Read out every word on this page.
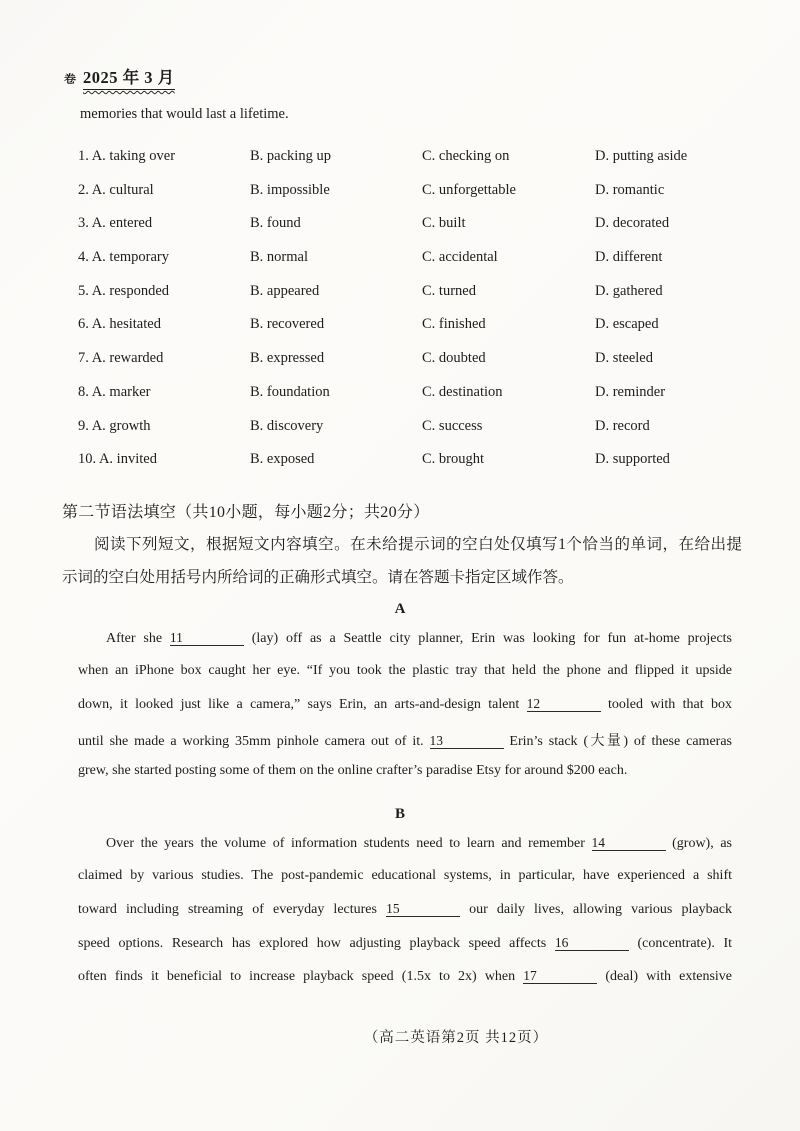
卷 2025 年 3 月
memories that would last a lifetime.
1. A. taking over	B. packing up	C. checking on	D. putting aside
2. A. cultural	B. impossible	C. unforgettable	D. romantic
3. A. entered	B. found	C. built	D. decorated
4. A. temporary	B. normal	C. accidental	D. different
5. A. responded	B. appeared	C. turned	D. gathered
6. A. hesitated	B. recovered	C. finished	D. escaped
7. A. rewarded	B. expressed	C. doubted	D. steeled
8. A. marker	B. foundation	C. destination	D. reminder
9. A. growth	B. discovery	C. success	D. record
10. A. invited	B. exposed	C. brought	D. supported
第二节语法填空（共10小题，每小题2分；共20分）
阅读下列短文，根据短文内容填空。在未给提示词的空白处仅填写1个恰当的单词，在给出提
示词的空白处用括号内所给词的正确形式填空。请在答题卡指定区域作答。
A
After she 11	(lay) off as a Seattle city planner, Erin was looking for fun at-home projects
when an iPhone box caught her eye. “If you took the plastic tray that held the phone and flipped it upside
down, it looked just like a camera,” says Erin, an arts-and-design talent 12	tooled with that box
until she made a working 35mm pinhole camera out of it. 13	Erin’s stack (大量) of these cameras
grew, she started posting some of them on the online crafter’s paradise Etsy for around $200 each.
B
Over the years the volume of information students need to learn and remember 14	(grow), as
claimed by various studies. The post-pandemic educational systems, in particular, have experienced a shift
toward including streaming of everyday lectures 15	our daily lives, allowing various playback
speed options. Research has explored how adjusting playback speed affects 16	(concentrate). It
often finds it beneficial to increase playback speed (1.5x to 2x) when 17	(deal) with extensive
（高二英语第2页 共12页）
